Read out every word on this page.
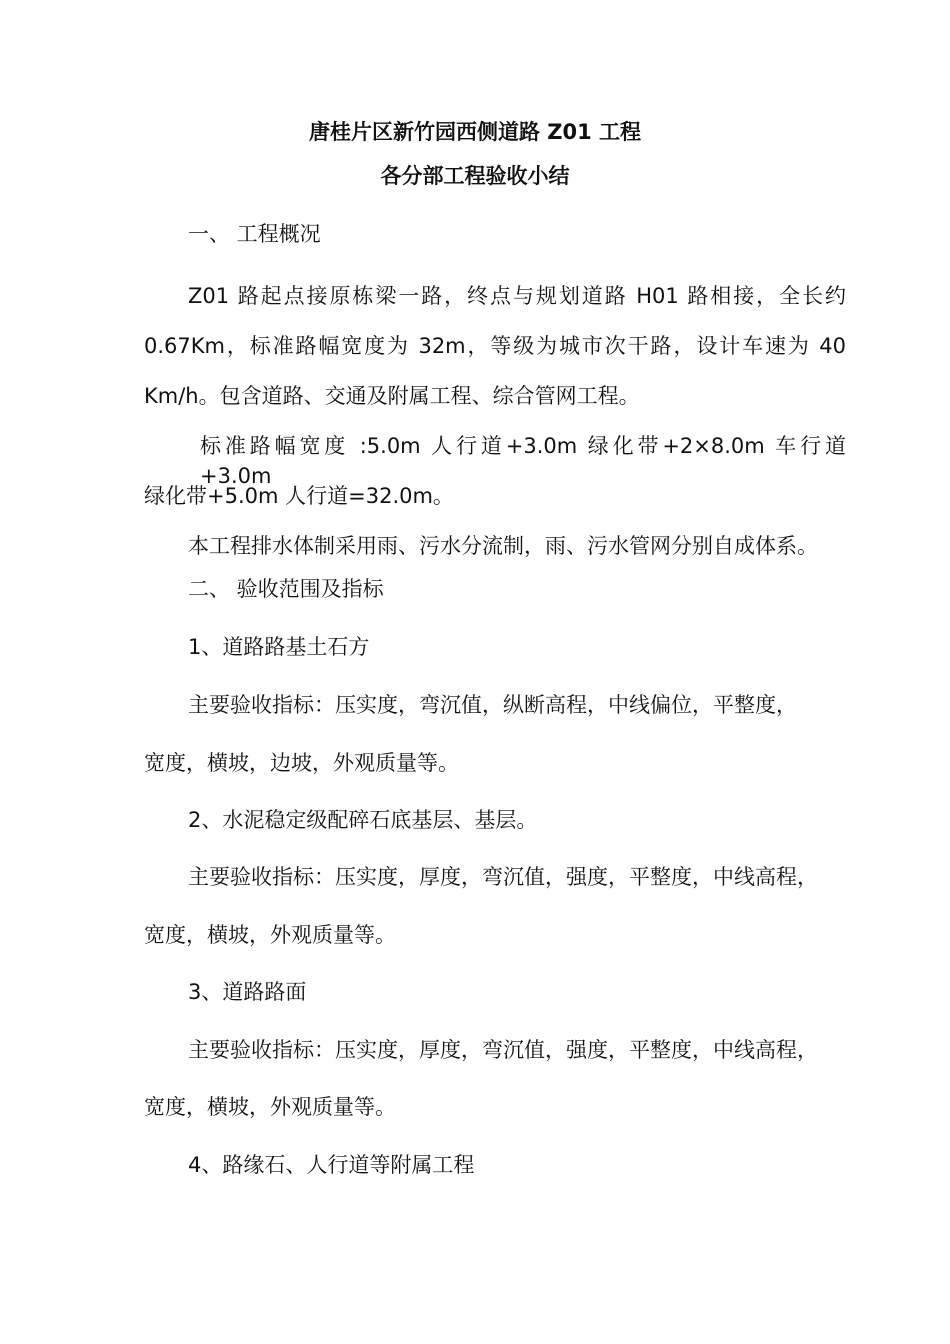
唐桂片区新竹园西侧道路 Z01 工程

各分部工程验收小结

一、 工程概况

Z01 路起点接原栋梁一路，终点与规划道路 H01 路相接，全长约

0.67Km，标准路幅宽度为 32m，等级为城市次干路，设计车速为 40

Km/h。包含道路、交通及附属工程、综合管网工程。

标准路幅宽度 :5.0m 人行道+3.0m 绿化带+2×8.0m 车行道+3.0m

绿化带+5.0m 人行道=32.0m。

本工程排水体制采用雨、污水分流制，雨、污水管网分别自成体系。

二、 验收范围及指标

1、道路路基土石方

主要验收指标：压实度，弯沉值，纵断高程，中线偏位，平整度，

宽度，横坡，边坡，外观质量等。

2、水泥稳定级配碎石底基层、基层。

主要验收指标：压实度，厚度，弯沉值，强度，平整度，中线高程，

宽度，横坡，外观质量等。

3、道路路面

主要验收指标：压实度，厚度，弯沉值，强度，平整度，中线高程，

宽度，横坡，外观质量等。

4、路缘石、人行道等附属工程
